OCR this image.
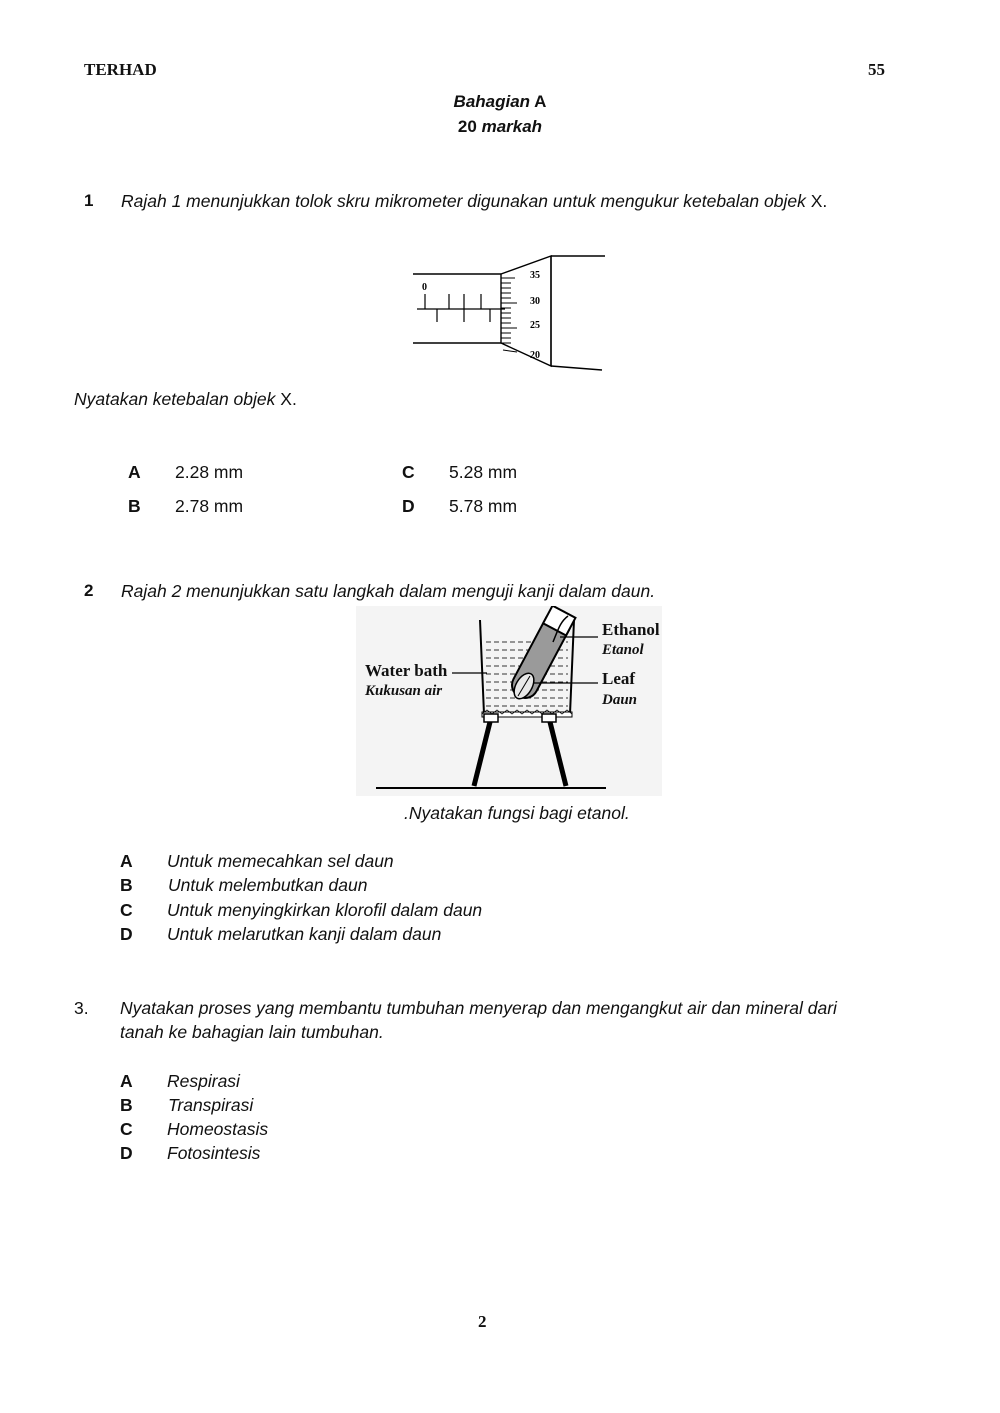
TERHAD	55
Bahagian A
20 markah
1 Rajah 1 menunjukkan tolok skru mikrometer digunakan untuk mengukur ketebalan objek X.
0
35
30
25
20
Nyatakan ketebalan objek X.
A 2.28 mm
B 2.78 mm
C 5.28 mm
D 5.78 mm
2 Rajah 2 menunjukkan satu langkah dalam menguji kanji dalam daun.
Ethanol
Etanol
Water bath
Kukusan air
Leaf
Daun
.Nyatakan fungsi bagi etanol.
A Untuk memecahkan sel daun
B Untuk melembutkan daun
C Untuk menyingkirkan klorofil dalam daun
D Untuk melarutkan kanji dalam daun
3. Nyatakan proses yang membantu tumbuhan menyerap dan mengangkut air dan mineral dari
tanah ke bahagian lain tumbuhan.
A Respirasi
B Transpirasi
C Homeostasis
D Fotosintesis
2
